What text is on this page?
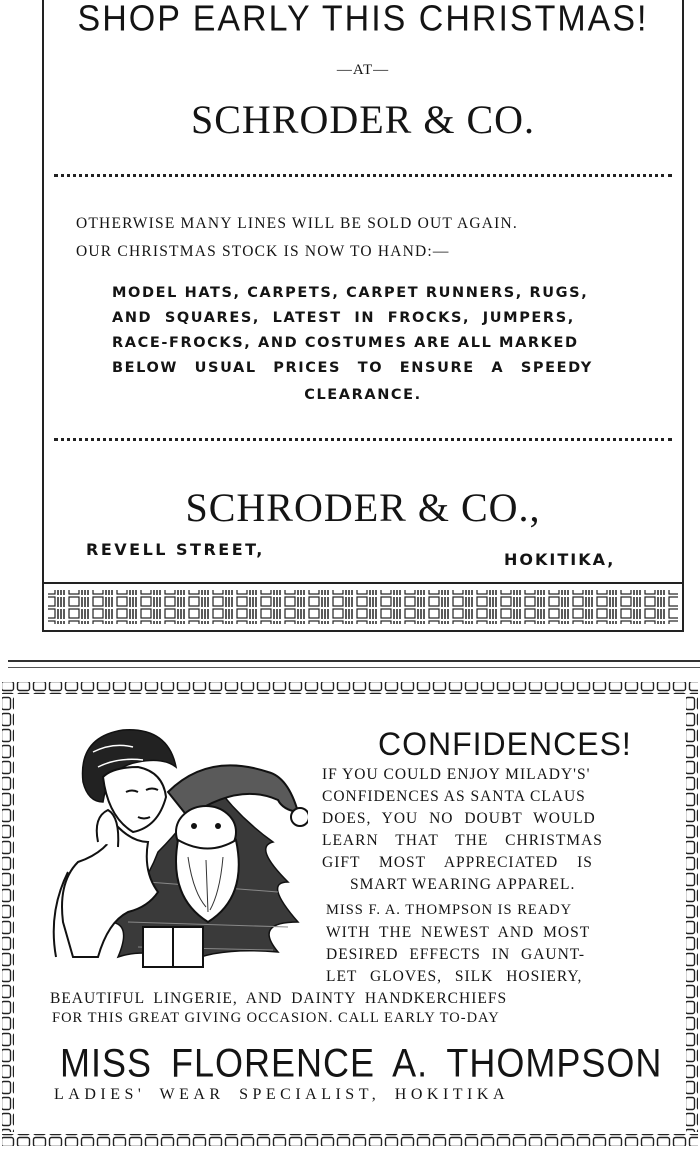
SHOP EARLY THIS CHRISTMAS!
—AT—
SCHRODER & CO.
OTHERWISE MANY LINES WILL BE SOLD OUT AGAIN.
OUR CHRISTMAS STOCK IS NOW TO HAND:—
MODEL HATS, CARPETS, CARPET RUNNERS, RUGS,
AND SQUARES, LATEST IN FROCKS, JUMPERS,
RACE-FROCKS, AND COSTUMES ARE ALL MARKED
BELOW USUAL PRICES TO ENSURE A SPEEDY
CLEARANCE.
SCHRODER & CO.,
REVELL STREET,
HOKITIKA,
CONFIDENCES!
IF YOU COULD ENJOY MILADY'S'
CONFIDENCES AS SANTA CLAUS
DOES, YOU NO DOUBT WOULD
LEARN THAT THE CHRISTMAS
GIFT MOST APPRECIATED IS
SMART WEARING APPAREL.
MISS F. A. THOMPSON IS READY
WITH THE NEWEST AND MOST
DESIRED EFFECTS IN GAUNT-
LET GLOVES, SILK HOSIERY,
BEAUTIFUL LINGERIE, AND DAINTY HANDKERCHIEFS
FOR THIS GREAT GIVING OCCASION. CALL EARLY TO-DAY
MISS FLORENCE A. THOMPSON
LADIES' WEAR SPECIALIST, HOKITIKA
